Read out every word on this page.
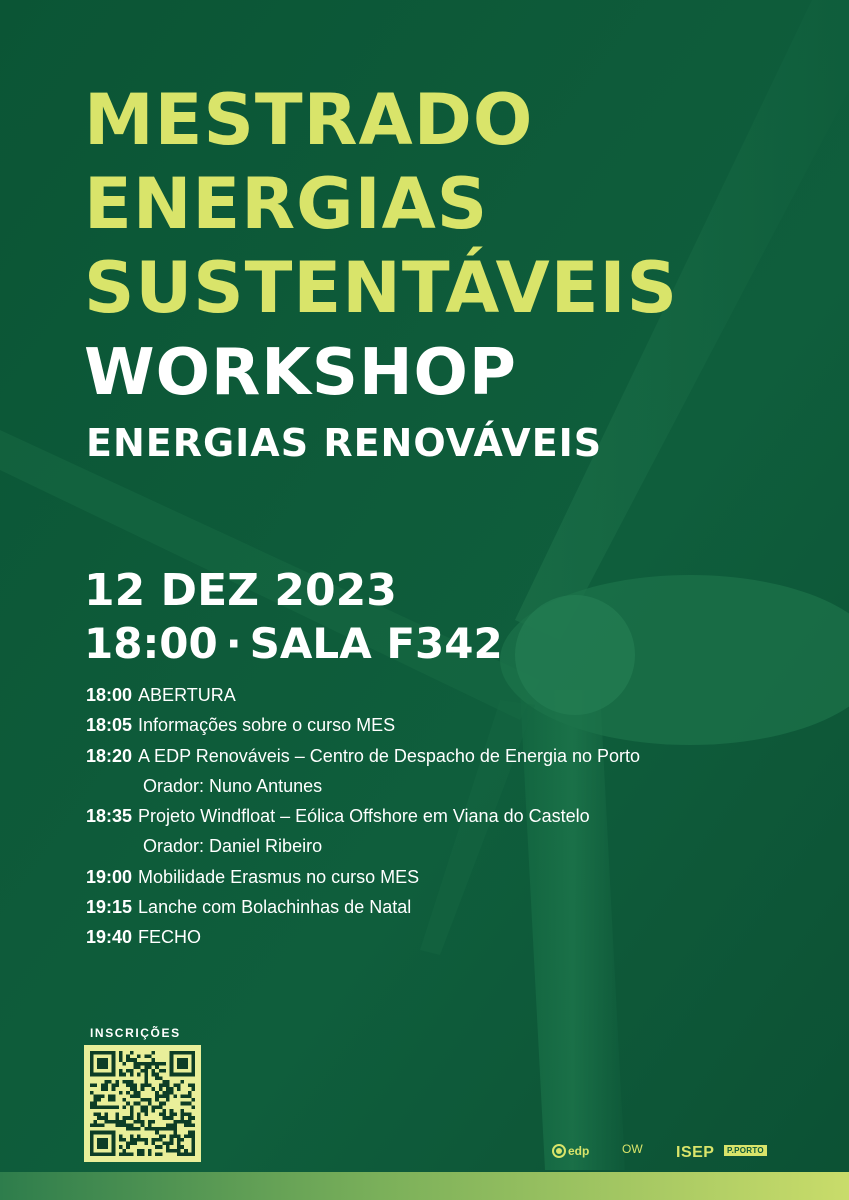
MESTRADO
ENERGIAS
SUSTENTÁVEIS
WORKSHOP
ENERGIAS RENOVÁVEIS
12 DEZ 2023
18:00 · SALA F342
18:00 ABERTURA
18:05 Informações sobre o curso MES
18:20 A EDP Renováveis – Centro de Despacho de Energia no Porto
Orador: Nuno Antunes
18:35 Projeto Windfloat – Eólica Offshore em Viana do Castelo
Orador: Daniel Ribeiro
19:00 Mobilidade Erasmus no curso MES
19:15 Lanche com Bolachinhas de Natal
19:40 FECHO
INSCRIÇÕES
edp	OW ISEP	P.PORTO
